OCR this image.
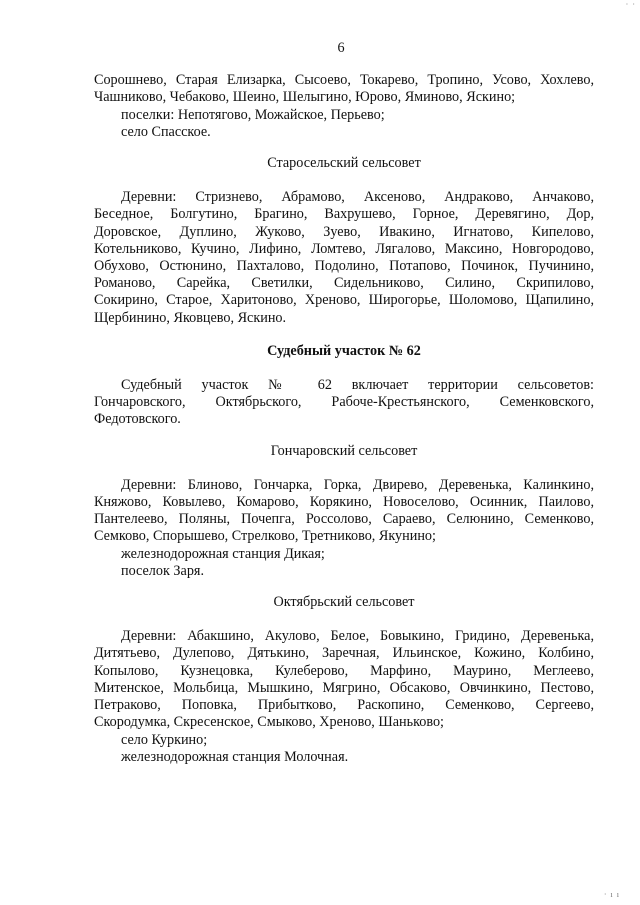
· ·
6
Сорошнево, Старая Елизарка, Сысоево, Токарево, Тропино, Усово, Хохлево,
Чашниково, Чебаково, Шеино, Шелыгино, Юрово, Яминово, Яскино;
поселки: Непотягово, Можайское, Перьево;
село Спасское.
Старосельский сельсовет
Деревни: Стризнево, Абрамово, Аксеново, Андраково, Анчаково,
Беседное, Болгутино, Брагино, Вахрушево, Горное, Деревягино, Дор,
Доровское, Дуплино, Жуково, Зуево, Ивакино, Игнатово, Кипелово,
Котельниково, Кучино, Лифино, Ломтево, Лягалово, Максино, Новгородово,
Обухово, Остюнино, Пахталово, Подолино, Потапово, Починок, Пучинино,
Романово, Сарейка, Светилки, Сидельниково, Силино, Скрипилово,
Сокирино, Старое, Харитоново, Хреново, Широгорье, Шоломово, Щапилино,
Щербинино, Яковцево, Яскино.
Судебный участок № 62
Судебный участок № 62 включает территории сельсоветов:
Гончаровского, Октябрьского, Рабоче-Крестьянского, Семенковского,
Федотовского.
Гончаровский сельсовет
Деревни: Блиново, Гончарка, Горка, Двирево, Деревенька, Калинкино,
Княжово, Ковылево, Комарово, Корякино, Новоселово, Осинник, Паилово,
Пантелеево, Поляны, Почепга, Россолово, Сараево, Селюнино, Семенково,
Семково, Спорышево, Стрелково, Третниково, Якунино;
железнодорожная станция Дикая;
поселок Заря.
Октябрьский сельсовет
Деревни: Абакшино, Акулово, Белое, Бовыкино, Гридино, Деревенька,
Дитятьево, Дулепово, Дятькино, Заречная, Ильинское, Кожино, Колбино,
Копылово, Кузнецовка, Кулеберово, Марфино, Мауринo, Меглеево,
Митенское, Мольбица, Мышкино, Мягрино, Обсаково, Овчинкино, Пестово,
Петраково, Поповка, Прибытково, Раскопино, Семенково, Сергеево,
Скородумка, Скресенское, Смыково, Хреново, Шаньково;
село Куркино;
железнодорожная станция Молочная.
· ı ı
